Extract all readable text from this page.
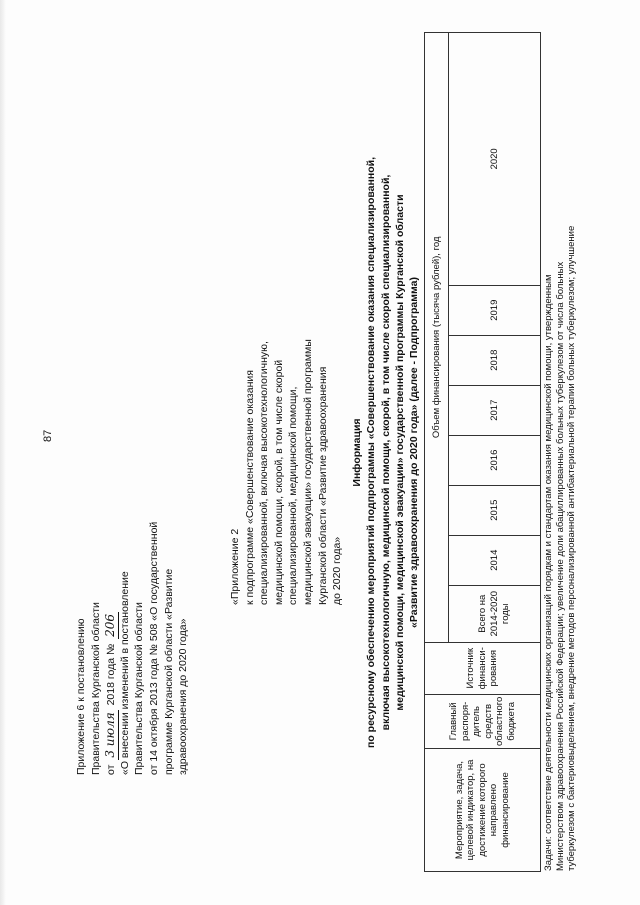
87
Приложение 6 к постановлению Правительства Курганской области от 3 июля 2018 года № 206 «О внесении изменений в постановление Правительства Курганской области от 14 октября 2013 года № 508 «О государственной программе Курганской области «Развитие здравоохранения до 2020 года»
«Приложение 2 к подпрограмме «Совершенствование оказания специализированной, включая высокотехнологичную, медицинской помощи, скорой, в том числе скорой специализированной, медицинской помощи, медицинской эвакуации» государственной программы Курганской области «Развитие здравоохранения до 2020 года»
Информация по ресурсному обеспечению мероприятий подпрограммы «Совершенствование оказания специализированной, включая высокотехнологичную, медицинской помощи, скорой, в том числе скорой специализированной, медицинской помощи, медицинской эвакуации» государственной программы Курганской области «Развитие здравоохранения до 2020 года» (далее - Подпрограмма)
Мероприятие, задача, целевой индикатор, на достижение которого направлено финансирование	Главный распоря-дитель средств областного бюджета	Источник финанси-рования	Объем финансирования (тысяча рублей), год							
			Всего на 2014-2020 годы	2014	2015	2016	2017	2018	2019	2020
Задачи: соответствие деятельности медицинских организаций порядкам и стандартам оказания медицинской помощи, утвержденным Министерством здравоохранения Российской Федерации; увеличение доли абациллированных больных туберкулезом от числа больных туберкулезом с бактериовыделением, внедрение методов персонализированной антибактериальной терапии больных туберкулезом; улучшение
